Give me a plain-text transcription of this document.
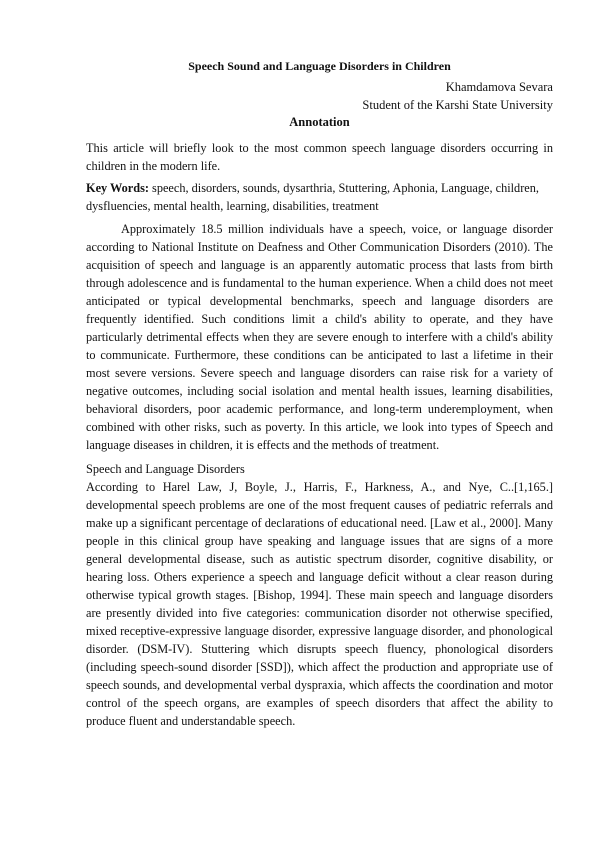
Speech Sound and Language Disorders in Children
Khamdamova Sevara
Student of the Karshi State University
Annotation

This article will briefly look to the most common speech language disorders occurring in children in the modern life.

Key Words: speech, disorders, sounds, dysarthria, Stuttering, Aphonia, Language, children, dysfluencies, mental health, learning, disabilities, treatment

Approximately 18.5 million individuals have a speech, voice, or language disorder according to National Institute on Deafness and Other Communication Disorders (2010). The acquisition of speech and language is an apparently automatic process that lasts from birth through adolescence and is fundamental to the human experience. When a child does not meet anticipated or typical developmental benchmarks, speech and language disorders are frequently identified. Such conditions limit a child's ability to operate, and they have particularly detrimental effects when they are severe enough to interfere with a child's ability to communicate. Furthermore, these conditions can be anticipated to last a lifetime in their most severe versions. Severe speech and language disorders can raise risk for a variety of negative outcomes, including social isolation and mental health issues, learning disabilities, behavioral disorders, poor academic performance, and long-term underemployment, when combined with other risks, such as poverty. In this article, we look into types of Speech and language diseases in children, it is effects and the methods of treatment.

Speech and Language Disorders

According to Harel Law, J, Boyle, J., Harris, F., Harkness, A., and Nye, C..[1,165.] developmental speech problems are one of the most frequent causes of pediatric referrals and make up a significant percentage of declarations of educational need. [Law et al., 2000]. Many people in this clinical group have speaking and language issues that are signs of a more general developmental disease, such as autistic spectrum disorder, cognitive disability, or hearing loss. Others experience a speech and language deficit without a clear reason during otherwise typical growth stages. [Bishop, 1994]. These main speech and language disorders are presently divided into five categories: communication disorder not otherwise specified, mixed receptive-expressive language disorder, expressive language disorder, and phonological disorder. (DSM-IV). Stuttering which disrupts speech fluency, phonological disorders (including speech-sound disorder [SSD]), which affect the production and appropriate use of speech sounds, and developmental verbal dyspraxia, which affects the coordination and motor control of the speech organs, are examples of speech disorders that affect the ability to produce fluent and understandable speech.
